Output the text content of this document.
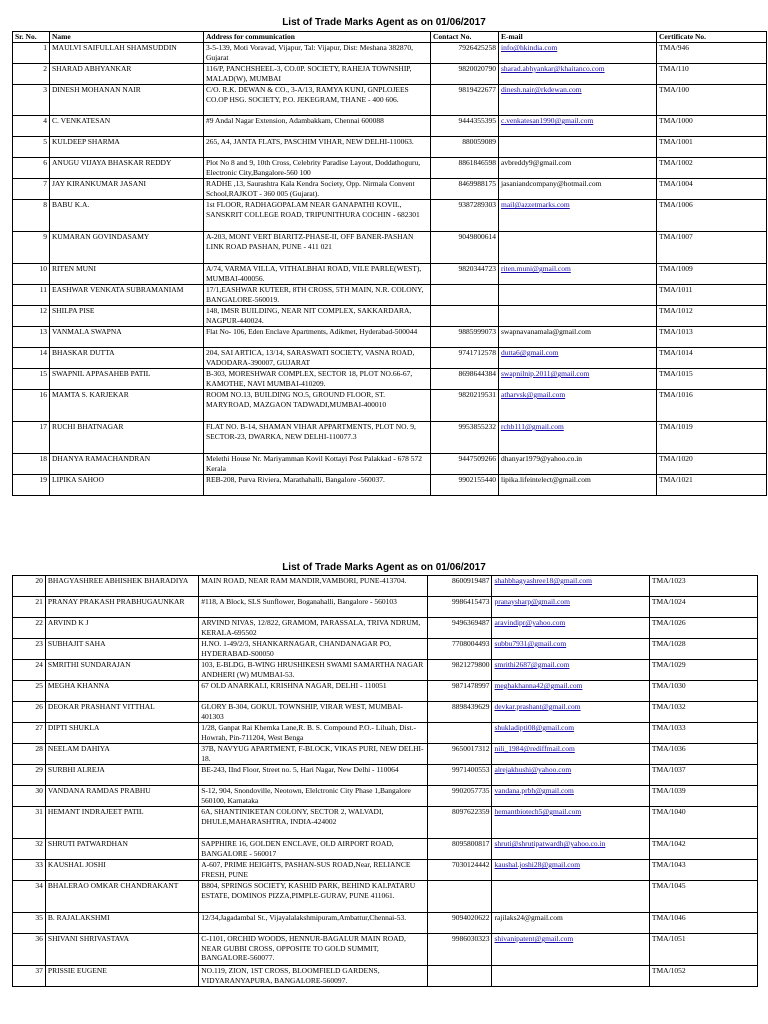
List of Trade Marks Agent as on 01/06/2017
Sr. No.	Name	Address for communication	Contact No.	E-mail	Certificate No.
1	MAULVI SAIFULLAH SHAMSUDDIN	3-5-139, Moti Voravad, Vijapur, Tal: Vijapur, Dist: Meshana 382870, Gujarat	7926425258	info@hkindia.com	TMA/946
2	SHARAD ABHYANKAR	116/P, PANCHSHEEL-3, CO.0P. SOCIETY, RAHEJA TOWNSHIP, MALAD(W), MUMBAI	9820020790	sharad.abhyankar@khaitanco.com	TMA/110
3	DINESH MOHANAN NAIR	C/O. R.K. DEWAN & CO., 3-A/13, RAMYA KUNJ, GNPLOJEES CO.OP HSG. SOCIETY, P.O. JEKEGRAM, THANE - 400 606.	9819422677	dinesh.nair@rkdewan.com	TMA/100
4	C. VENKATESAN	#9 Andal Nagar Extension, Adambakkam, Chennai 600088	9444355395	c.venkatesan1990@gmail.com	TMA/1000
5	KULDEEP SHARMA	265, A4, JANTA FLATS, PASCHIM VIHAR, NEW DELHI-110063.	880059089		TMA/1001
6	ANUGU VIJAYA BHASKAR REDDY	Plot No 8 and 9, 10th Cross, Celebrity Paradise Layout, Doddathoguru, Electronic City,Bangalore-560 100	8861846598	avbreddy9@gmail.com	TMA/1002
7	JAY KIRANKUMAR JASANI	RADHE ,13, Saurashtra Kala Kendra Society, Opp. Nirmala Convent School,RAJKOT - 360 005 (Gujarat).	8469988175	jasaniandcompany@hotmail.com	TMA/1004
8	BABU K.A.	1st FLOOR, RADHAGOPALAM NEAR GANAPATHI KOVIL, SANSKRIT COLLEGE ROAD, TRIPUNITHURA COCHIN - 682301	9387289303	mail@azzetmarks.com	TMA/1006
9	KUMARAN GOVINDASAMY	A-203, MONT VERT BIARITZ-PHASE-II, OFF BANER-PASHAN LINK ROAD PASHAN, PUNE - 411 021	9049800614		TMA/1007
10	RITEN MUNI	A/74, VARMA VILLA, VITHALBHAI ROAD, VILE PARLE(WEST), MUMBAI-400056.	9820344723	riten.muni@gmail.com	TMA/1009
11	EASHWAR VENKATA SUBRAMANIAM	17/1,EASHWAR KUTEER, 8TH CROSS, 5TH MAIN, N.R. COLONY, BANGALORE-560019.			TMA/1011
12	SHILPA PISE	148, IMSR BUILDING, NEAR NIT COMPLEX, SAKKARDARA, NAGPUR-440024.			TMA/1012
13	VANMALA SWAPNA	Flat No- 106, Eden Enclave Apartments, Adikmet, Hyderabad-500044	9885999073	swapnavanamala@gmail.com	TMA/1013
14	BHASKAR DUTTA	204, SAI ARTICA, 13/14, SARASWATI SOCIETY, VASNA ROAD, VADODARA-390007, GUJARAT	9741712578	dutta6@gmail.com	TMA/1014
15	SWAPNIL APPASAHEB PATIL	B-303, MORESHWAR COMPLEX, SECTOR 18, PLOT NO.66-67, KAMOTHE, NAVI MUMBAI-410209.	8698644384	swapnilnip.2011@gmail.com	TMA/1015
16	MAMTA S. KARJEKAR	ROOM NO.13, BUILDING NO.5, GROUND FLOOR, ST. MARYROAD, MAZGAON TADWADI,MUMBAI-400010	9820219531	atharvsk@gmail.com	TMA/1016
17	RUCHI BHATNAGAR	FLAT NO. B-14, SHAMAN VIHAR APPARTMENTS, PLOT NO. 9, SECTOR-23, DWARKA, NEW DELHI-110077.3	9953855232	rchb111@gmail.com	TMA/1019
18	DHANYA RAMACHANDRAN	Melethi House Nr. Mariyamman Kovil Kottayi Post Palakkad - 678 572 Kerala	9447509266	dhanyar1979@yahoo.co.in	TMA/1020
19	LIPIKA SAHOO	REB-208, Purva Riviera, Marathahalli, Bangalore -560037.	9902155440	lipika.lifeintelect@gmail.com	TMA/1021
List of Trade Marks Agent as on 01/06/2017
20	BHAGYASHREE ABHISHEK BHARADIYA	MAIN ROAD, NEAR RAM MANDIR,VAMBORI, PUNE-413704.	8600919487	shahbhagyashree18@gmail.com	TMA/1023
21	PRANAY PRAKASH PRABHUGAUNKAR	#118, A Block, SLS Sunflower, Boganahalli, Bangalore - 560103	9986415473	pranaysharp@gmail.com	TMA/1024
22	ARVIND K J	ARVIND NIVAS, 12/822, GRAMOM, PARASSALA, TRIVA NDRUM, KERALA-695502	9496369487	aravindipr@yahoo.com	TMA/1026
23	SUBHAJIT SAHA	H.NO. 1-49/2/3, SHANKARNAGAR, CHANDANAGAR PO, HYDERABAD-S00050	7708004493	subbu7931@gmail.com	TMA/1028
24	SMRITHI SUNDARAJAN	103, E-BLDG, B-WING HRUSHIKESH SWAMI SAMARTHA NAGAR ANDHERI (W) MUMBAI-53.	9821279800	smrithi2687@gmail.com	TMA/1029
25	MEGHA KHANNA	67 OLD ANARKALI, KRISHNA NAGAR, DELHI - 110051	9871478997	meghakhanna42@gmail.com	TMA/1030
26	DEOKAR PRASHANT VITTHAL	GLORY B-304, GOKUL TOWNSHIP, VIRAR WEST, MUMBAI-401303	8898439629	devkar.prashant@gmail.com	TMA/1032
27	DIPTI SHUKLA	1/28, Ganpat Rai Khemka Lane,R. B. S. Compound P.O.- Liluah, Dist.-Howrah, Pin-711204, West Benga		shukladipti08@gmail.com	TMA/1033
28	NEELAM DAHIYA	37B, NAVYUG APARTMENT, F-BLOCK, VIKAS PURI, NEW DELHI-18.	9650017312	nili_1984@rediffmail.com	TMA/1036
29	SURBHI ALREJA	BE-243, IInd Floor, Street no. 5, Hari Nagar, New Delhi - 110064	9971400553	alrejakhushi@yahoo.com	TMA/1037
30	VANDANA RAMDAS PRABHU	S-12, 904, Snondoville, Neotown, Elelctronic City Phase 1,Bangalore 560100, Karnataka	9902057735	vandana.prbh@gmail.com	TMA/1039
31	HEMANT INDRAJEET PATIL	6A, SHANTINIKETAN COLONY, SECTOR 2, WALVADI, DHULE,MAHARASHTRA, INDIA-424002	8097622359	hemantbiotech5@gmail.com	TMA/1040
32	SHRUTI PATWARDHAN	SAPPHIRE 16, GOLDEN ENCLAVE, OLD AIRPORT ROAD, BANGALORE - 560017	8095800817	shruti@shrutipatwardh@yahoo.co.in	TMA/1042
33	KAUSHAL JOSHI	A-607, PRIME HEIGHTS, PASHAN-SUS ROAD,Near, RELIANCE FRESH, PUNE	7030124442	kaushal.joshi28@gmail.com	TMA/1043
34	BHALERAO OMKAR CHANDRAKANT	B804, SPRINGS SOCIETY, KASHID PARK, BEHIND KALPATARU ESTATE, DOMINOS PIZZA,PIMPLE-GURAV, PUNE 411061.			TMA/1045
35	B. RAJALAKSHMI	12/34,Jagadambal St., Vijayalalakshmipuram,Ambattur,Chennai-53.	9094020622	rajilaks24@gmail.com	TMA/1046
36	SHIVANI SHRIVASTAVA	C-1101, ORCHID WOODS, HENNUR-BAGALUR MAIN ROAD, NEAR GUBBI CROSS, OPPOSITE TO GOLD SUMMIT, BANGALORE-560077.	9986030323	shivanipatent@gmail.com	TMA/1051
37	PRISSIE EUGENE	NO.119, ZION, 1ST CROSS, BLOOMFIELD GARDENS, VIDYARANYAPURA, BANGALORE-560097.			TMA/1052
